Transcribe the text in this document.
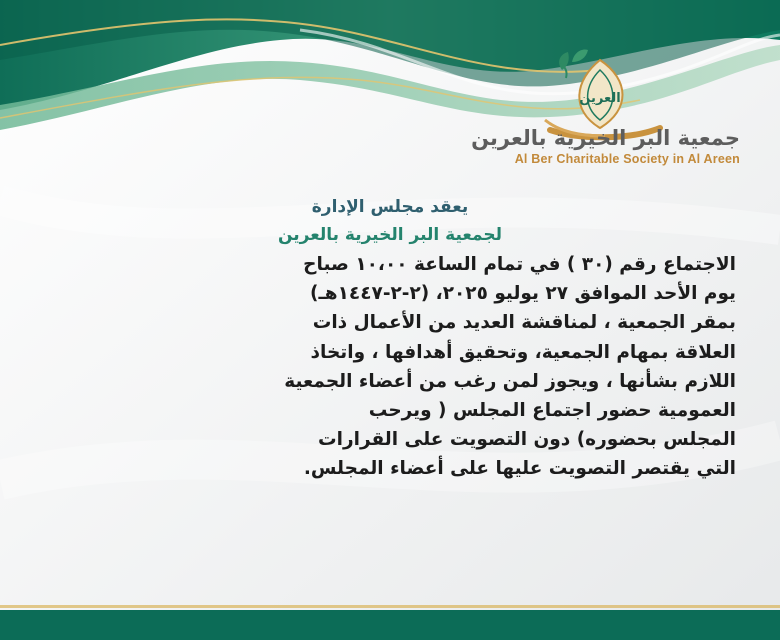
العرين
جمعية البر الخيرية بالعرين
Al Ber Charitable Society in Al Areen
يعقد مجلس الإدارة
لجمعية البر الخيرية بالعرين
الاجتماع رقم (٣٠ ) في تمام الساعة ١٠،٠٠ صباح
يوم الأحد الموافق ٢٧ يوليو ٢٠٢٥، (٢-٢-١٤٤٧هـ)
بمقر الجمعية ، لمناقشة العديد من الأعمال ذات
العلاقة بمهام الجمعية، وتحقيق أهدافها ، واتخاذ
اللازم بشأنها ، ويجوز لمن رغب من أعضاء الجمعية
العمومية حضور اجتماع المجلس ( ويرحب
المجلس بحضوره) دون التصويت على القرارات
التي يقتصر التصويت عليها على أعضاء المجلس.
